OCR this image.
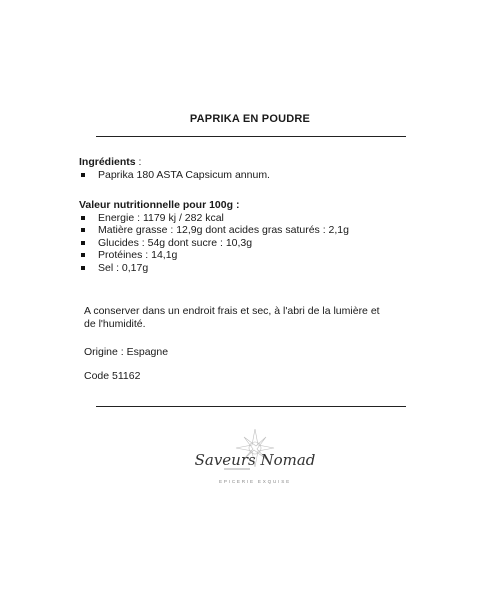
PAPRIKA EN POUDRE
Ingrédients :
Paprika 180 ASTA Capsicum annum.
Valeur nutritionnelle pour 100g :
Energie : 1179 kj / 282 kcal
Matière grasse : 12,9g dont acides gras saturés : 2,1g
Glucides : 54g dont sucre : 10,3g
Protéines : 14,1g
Sel : 0,17g
A conserver dans un endroit frais et sec, à l'abri de la lumière et de l'humidité.
Origine : Espagne
Code 51162
Saveurs Nomad
EPICERIE EXQUISE
